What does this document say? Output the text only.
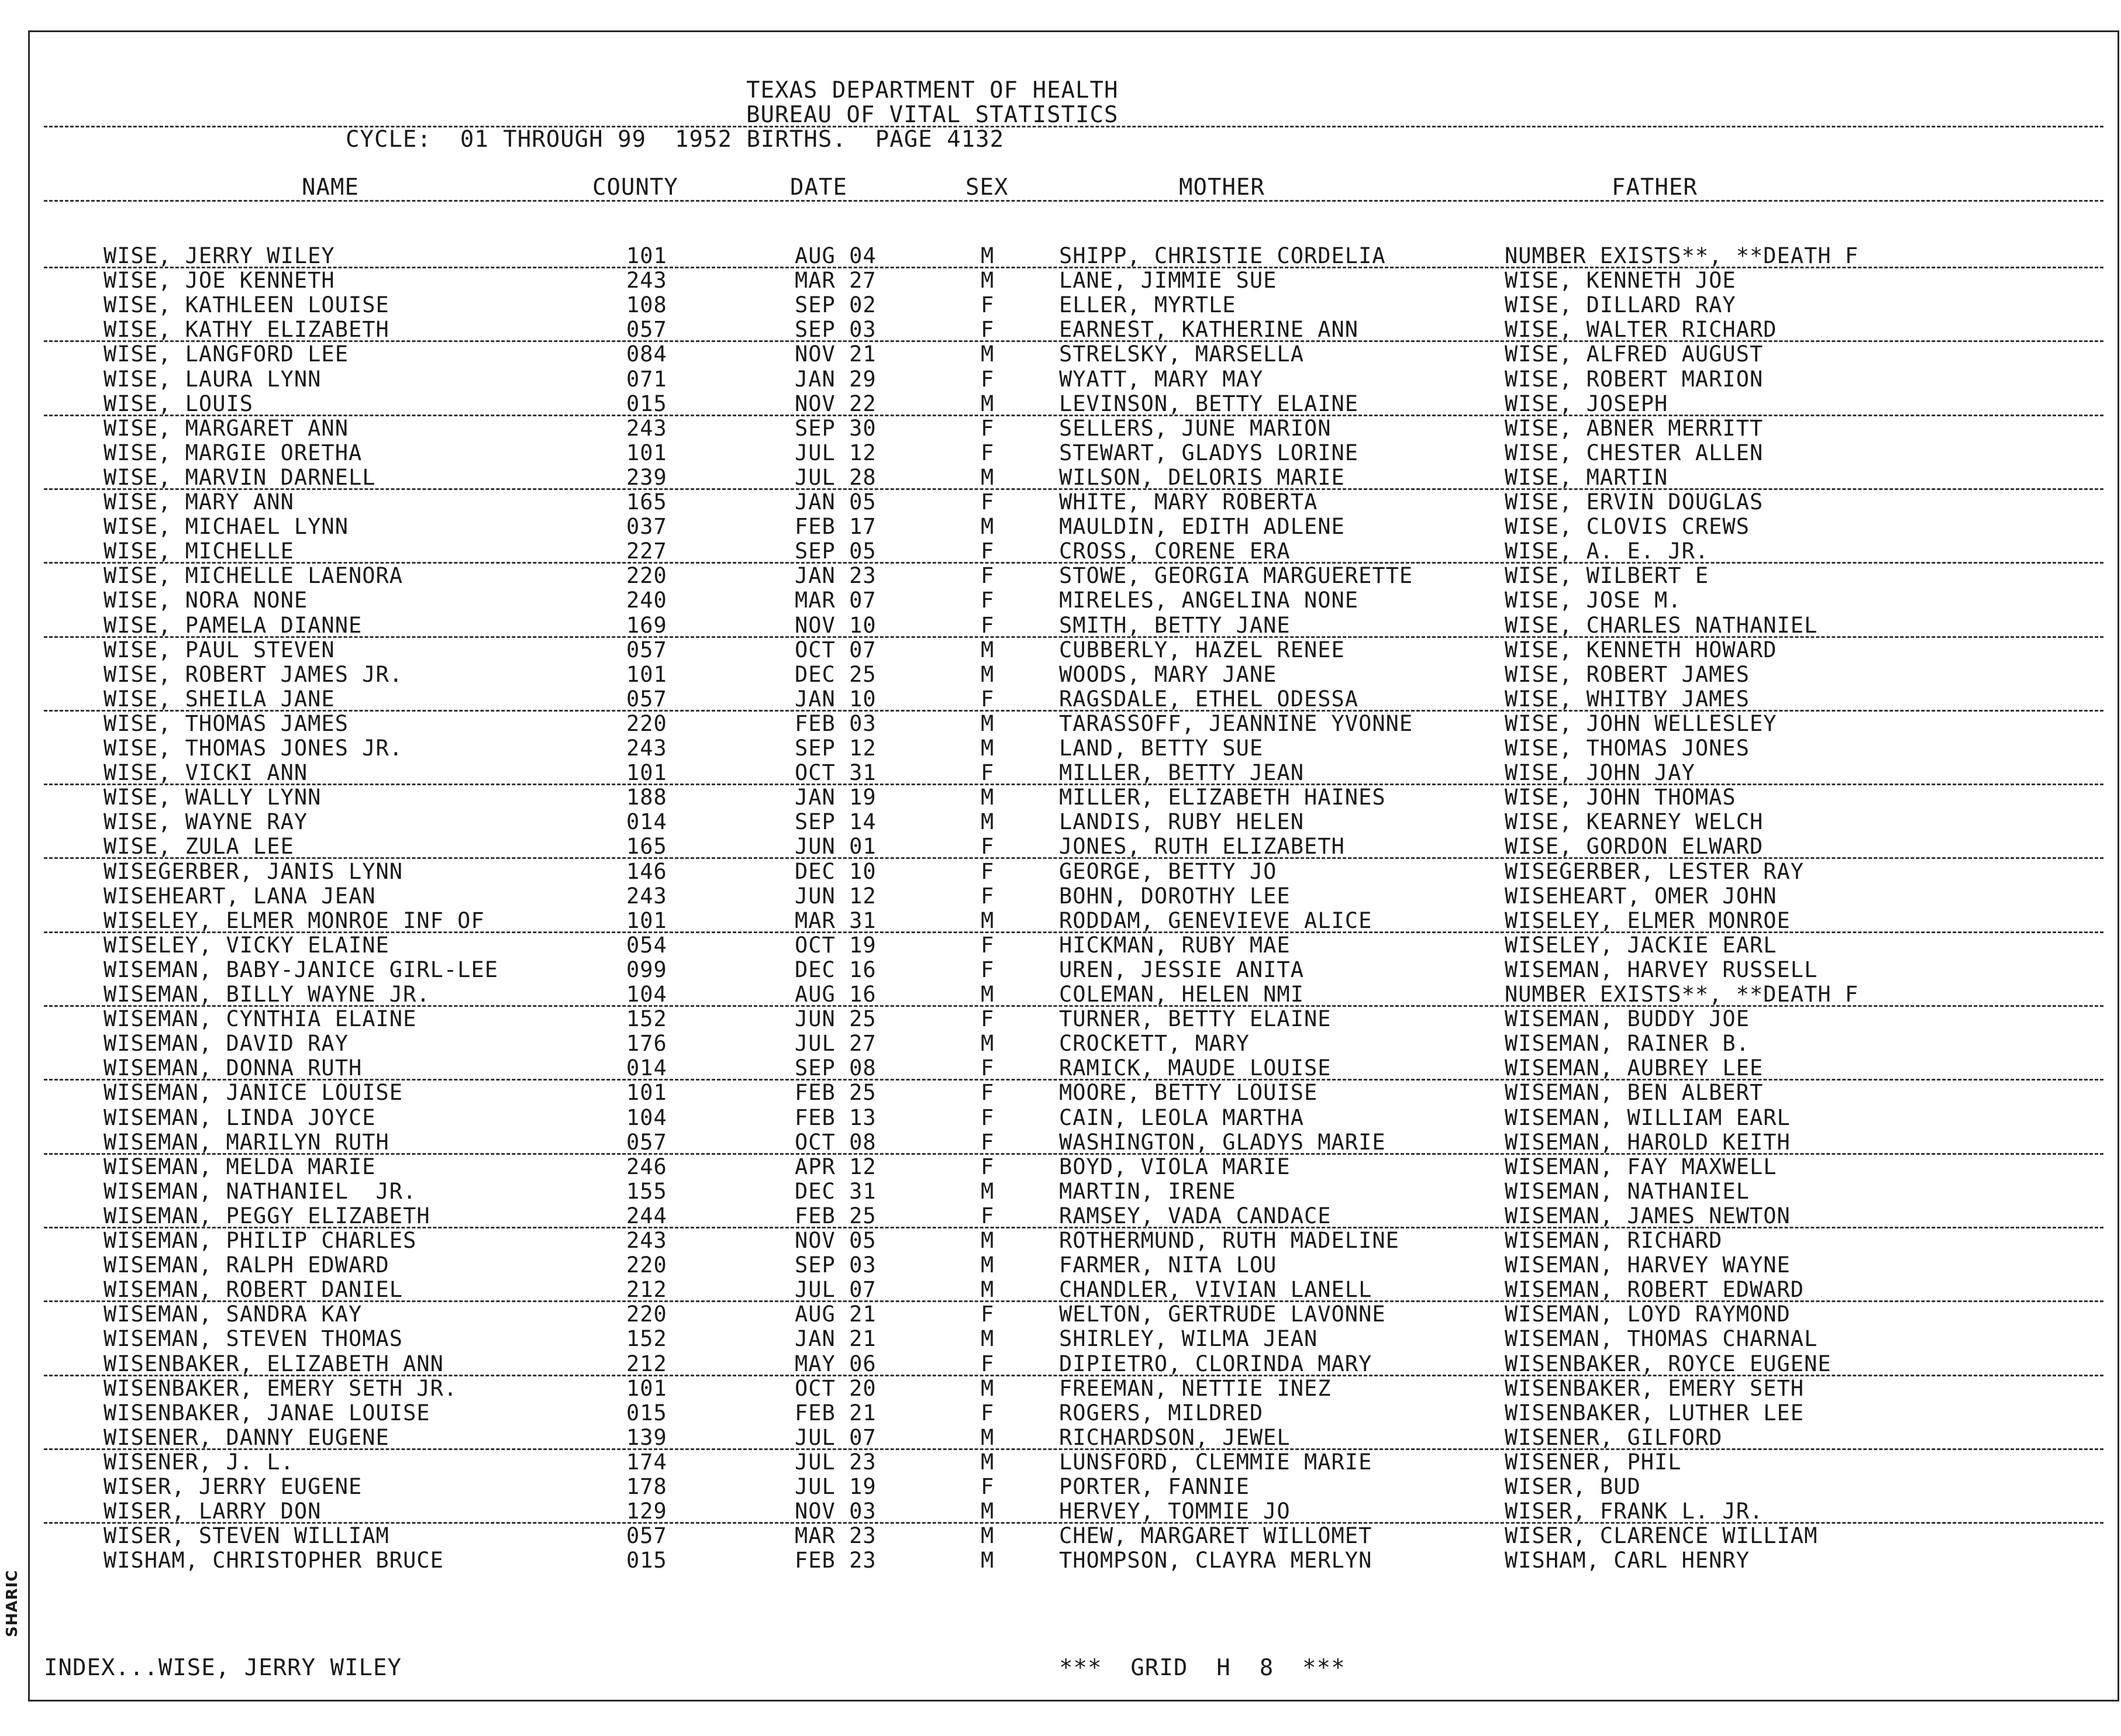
TEXAS DEPARTMENT OF HEALTH
BUREAU OF VITAL STATISTICS
CYCLE:  01 THROUGH 99  1952 BIRTHS.  PAGE 4132
NAME	COUNTY	DATE	SEX	MOTHER	FATHER
WISE, JERRY WILEY	101	AUG 04	M	SHIPP, CHRISTIE CORDELIA	NUMBER EXISTS**, **DEATH F
WISE, JOE KENNETH	243	MAR 27	M	LANE, JIMMIE SUE	WISE, KENNETH JOE
WISE, KATHLEEN LOUISE	108	SEP 02	F	ELLER, MYRTLE	WISE, DILLARD RAY
WISE, KATHY ELIZABETH	057	SEP 03	F	EARNEST, KATHERINE ANN	WISE, WALTER RICHARD
WISE, LANGFORD LEE	084	NOV 21	M	STRELSKY, MARSELLA	WISE, ALFRED AUGUST
WISE, LAURA LYNN	071	JAN 29	F	WYATT, MARY MAY	WISE, ROBERT MARION
WISE, LOUIS	015	NOV 22	M	LEVINSON, BETTY ELAINE	WISE, JOSEPH
WISE, MARGARET ANN	243	SEP 30	F	SELLERS, JUNE MARION	WISE, ABNER MERRITT
WISE, MARGIE ORETHA	101	JUL 12	F	STEWART, GLADYS LORINE	WISE, CHESTER ALLEN
WISE, MARVIN DARNELL	239	JUL 28	M	WILSON, DELORIS MARIE	WISE, MARTIN
WISE, MARY ANN	165	JAN 05	F	WHITE, MARY ROBERTA	WISE, ERVIN DOUGLAS
WISE, MICHAEL LYNN	037	FEB 17	M	MAULDIN, EDITH ADLENE	WISE, CLOVIS CREWS
WISE, MICHELLE	227	SEP 05	F	CROSS, CORENE ERA	WISE, A. E. JR.
WISE, MICHELLE LAENORA	220	JAN 23	F	STOWE, GEORGIA MARGUERETTE	WISE, WILBERT E
WISE, NORA NONE	240	MAR 07	F	MIRELES, ANGELINA NONE	WISE, JOSE M.
WISE, PAMELA DIANNE	169	NOV 10	F	SMITH, BETTY JANE	WISE, CHARLES NATHANIEL
WISE, PAUL STEVEN	057	OCT 07	M	CUBBERLY, HAZEL RENEE	WISE, KENNETH HOWARD
WISE, ROBERT JAMES JR.	101	DEC 25	M	WOODS, MARY JANE	WISE, ROBERT JAMES
WISE, SHEILA JANE	057	JAN 10	F	RAGSDALE, ETHEL ODESSA	WISE, WHITBY JAMES
WISE, THOMAS JAMES	220	FEB 03	M	TARASSOFF, JEANNINE YVONNE	WISE, JOHN WELLESLEY
WISE, THOMAS JONES JR.	243	SEP 12	M	LAND, BETTY SUE	WISE, THOMAS JONES
WISE, VICKI ANN	101	OCT 31	F	MILLER, BETTY JEAN	WISE, JOHN JAY
WISE, WALLY LYNN	188	JAN 19	M	MILLER, ELIZABETH HAINES	WISE, JOHN THOMAS
WISE, WAYNE RAY	014	SEP 14	M	LANDIS, RUBY HELEN	WISE, KEARNEY WELCH
WISE, ZULA LEE	165	JUN 01	F	JONES, RUTH ELIZABETH	WISE, GORDON ELWARD
WISEGERBER, JANIS LYNN	146	DEC 10	F	GEORGE, BETTY JO	WISEGERBER, LESTER RAY
WISEHEART, LANA JEAN	243	JUN 12	F	BOHN, DOROTHY LEE	WISEHEART, OMER JOHN
WISELEY, ELMER MONROE INF OF	101	MAR 31	M	RODDAM, GENEVIEVE ALICE	WISELEY, ELMER MONROE
WISELEY, VICKY ELAINE	054	OCT 19	F	HICKMAN, RUBY MAE	WISELEY, JACKIE EARL
WISEMAN, BABY-JANICE GIRL-LEE	099	DEC 16	F	UREN, JESSIE ANITA	WISEMAN, HARVEY RUSSELL
WISEMAN, BILLY WAYNE JR.	104	AUG 16	M	COLEMAN, HELEN NMI	NUMBER EXISTS**, **DEATH F
WISEMAN, CYNTHIA ELAINE	152	JUN 25	F	TURNER, BETTY ELAINE	WISEMAN, BUDDY JOE
WISEMAN, DAVID RAY	176	JUL 27	M	CROCKETT, MARY	WISEMAN, RAINER B.
WISEMAN, DONNA RUTH	014	SEP 08	F	RAMICK, MAUDE LOUISE	WISEMAN, AUBREY LEE
WISEMAN, JANICE LOUISE	101	FEB 25	F	MOORE, BETTY LOUISE	WISEMAN, BEN ALBERT
WISEMAN, LINDA JOYCE	104	FEB 13	F	CAIN, LEOLA MARTHA	WISEMAN, WILLIAM EARL
WISEMAN, MARILYN RUTH	057	OCT 08	F	WASHINGTON, GLADYS MARIE	WISEMAN, HAROLD KEITH
WISEMAN, MELDA MARIE	246	APR 12	F	BOYD, VIOLA MARIE	WISEMAN, FAY MAXWELL
WISEMAN, NATHANIEL  JR.	155	DEC 31	M	MARTIN, IRENE	WISEMAN, NATHANIEL
WISEMAN, PEGGY ELIZABETH	244	FEB 25	F	RAMSEY, VADA CANDACE	WISEMAN, JAMES NEWTON
WISEMAN, PHILIP CHARLES	243	NOV 05	M	ROTHERMUND, RUTH MADELINE	WISEMAN, RICHARD
WISEMAN, RALPH EDWARD	220	SEP 03	M	FARMER, NITA LOU	WISEMAN, HARVEY WAYNE
WISEMAN, ROBERT DANIEL	212	JUL 07	M	CHANDLER, VIVIAN LANELL	WISEMAN, ROBERT EDWARD
WISEMAN, SANDRA KAY	220	AUG 21	F	WELTON, GERTRUDE LAVONNE	WISEMAN, LOYD RAYMOND
WISEMAN, STEVEN THOMAS	152	JAN 21	M	SHIRLEY, WILMA JEAN	WISEMAN, THOMAS CHARNAL
WISENBAKER, ELIZABETH ANN	212	MAY 06	F	DIPIETRO, CLORINDA MARY	WISENBAKER, ROYCE EUGENE
WISENBAKER, EMERY SETH JR.	101	OCT 20	M	FREEMAN, NETTIE INEZ	WISENBAKER, EMERY SETH
WISENBAKER, JANAE LOUISE	015	FEB 21	F	ROGERS, MILDRED	WISENBAKER, LUTHER LEE
WISENER, DANNY EUGENE	139	JUL 07	M	RICHARDSON, JEWEL	WISENER, GILFORD
WISENER, J. L.	174	JUL 23	M	LUNSFORD, CLEMMIE MARIE	WISENER, PHIL
WISER, JERRY EUGENE	178	JUL 19	F	PORTER, FANNIE	WISER, BUD
WISER, LARRY DON	129	NOV 03	M	HERVEY, TOMMIE JO	WISER, FRANK L. JR.
WISER, STEVEN WILLIAM	057	MAR 23	M	CHEW, MARGARET WILLOMET	WISER, CLARENCE WILLIAM
WISHAM, CHRISTOPHER BRUCE	015	FEB 23	M	THOMPSON, CLAYRA MERLYN	WISHAM, CARL HENRY
INDEX...WISE, JERRY WILEY	***  GRID  H  8  ***
SHARIC
